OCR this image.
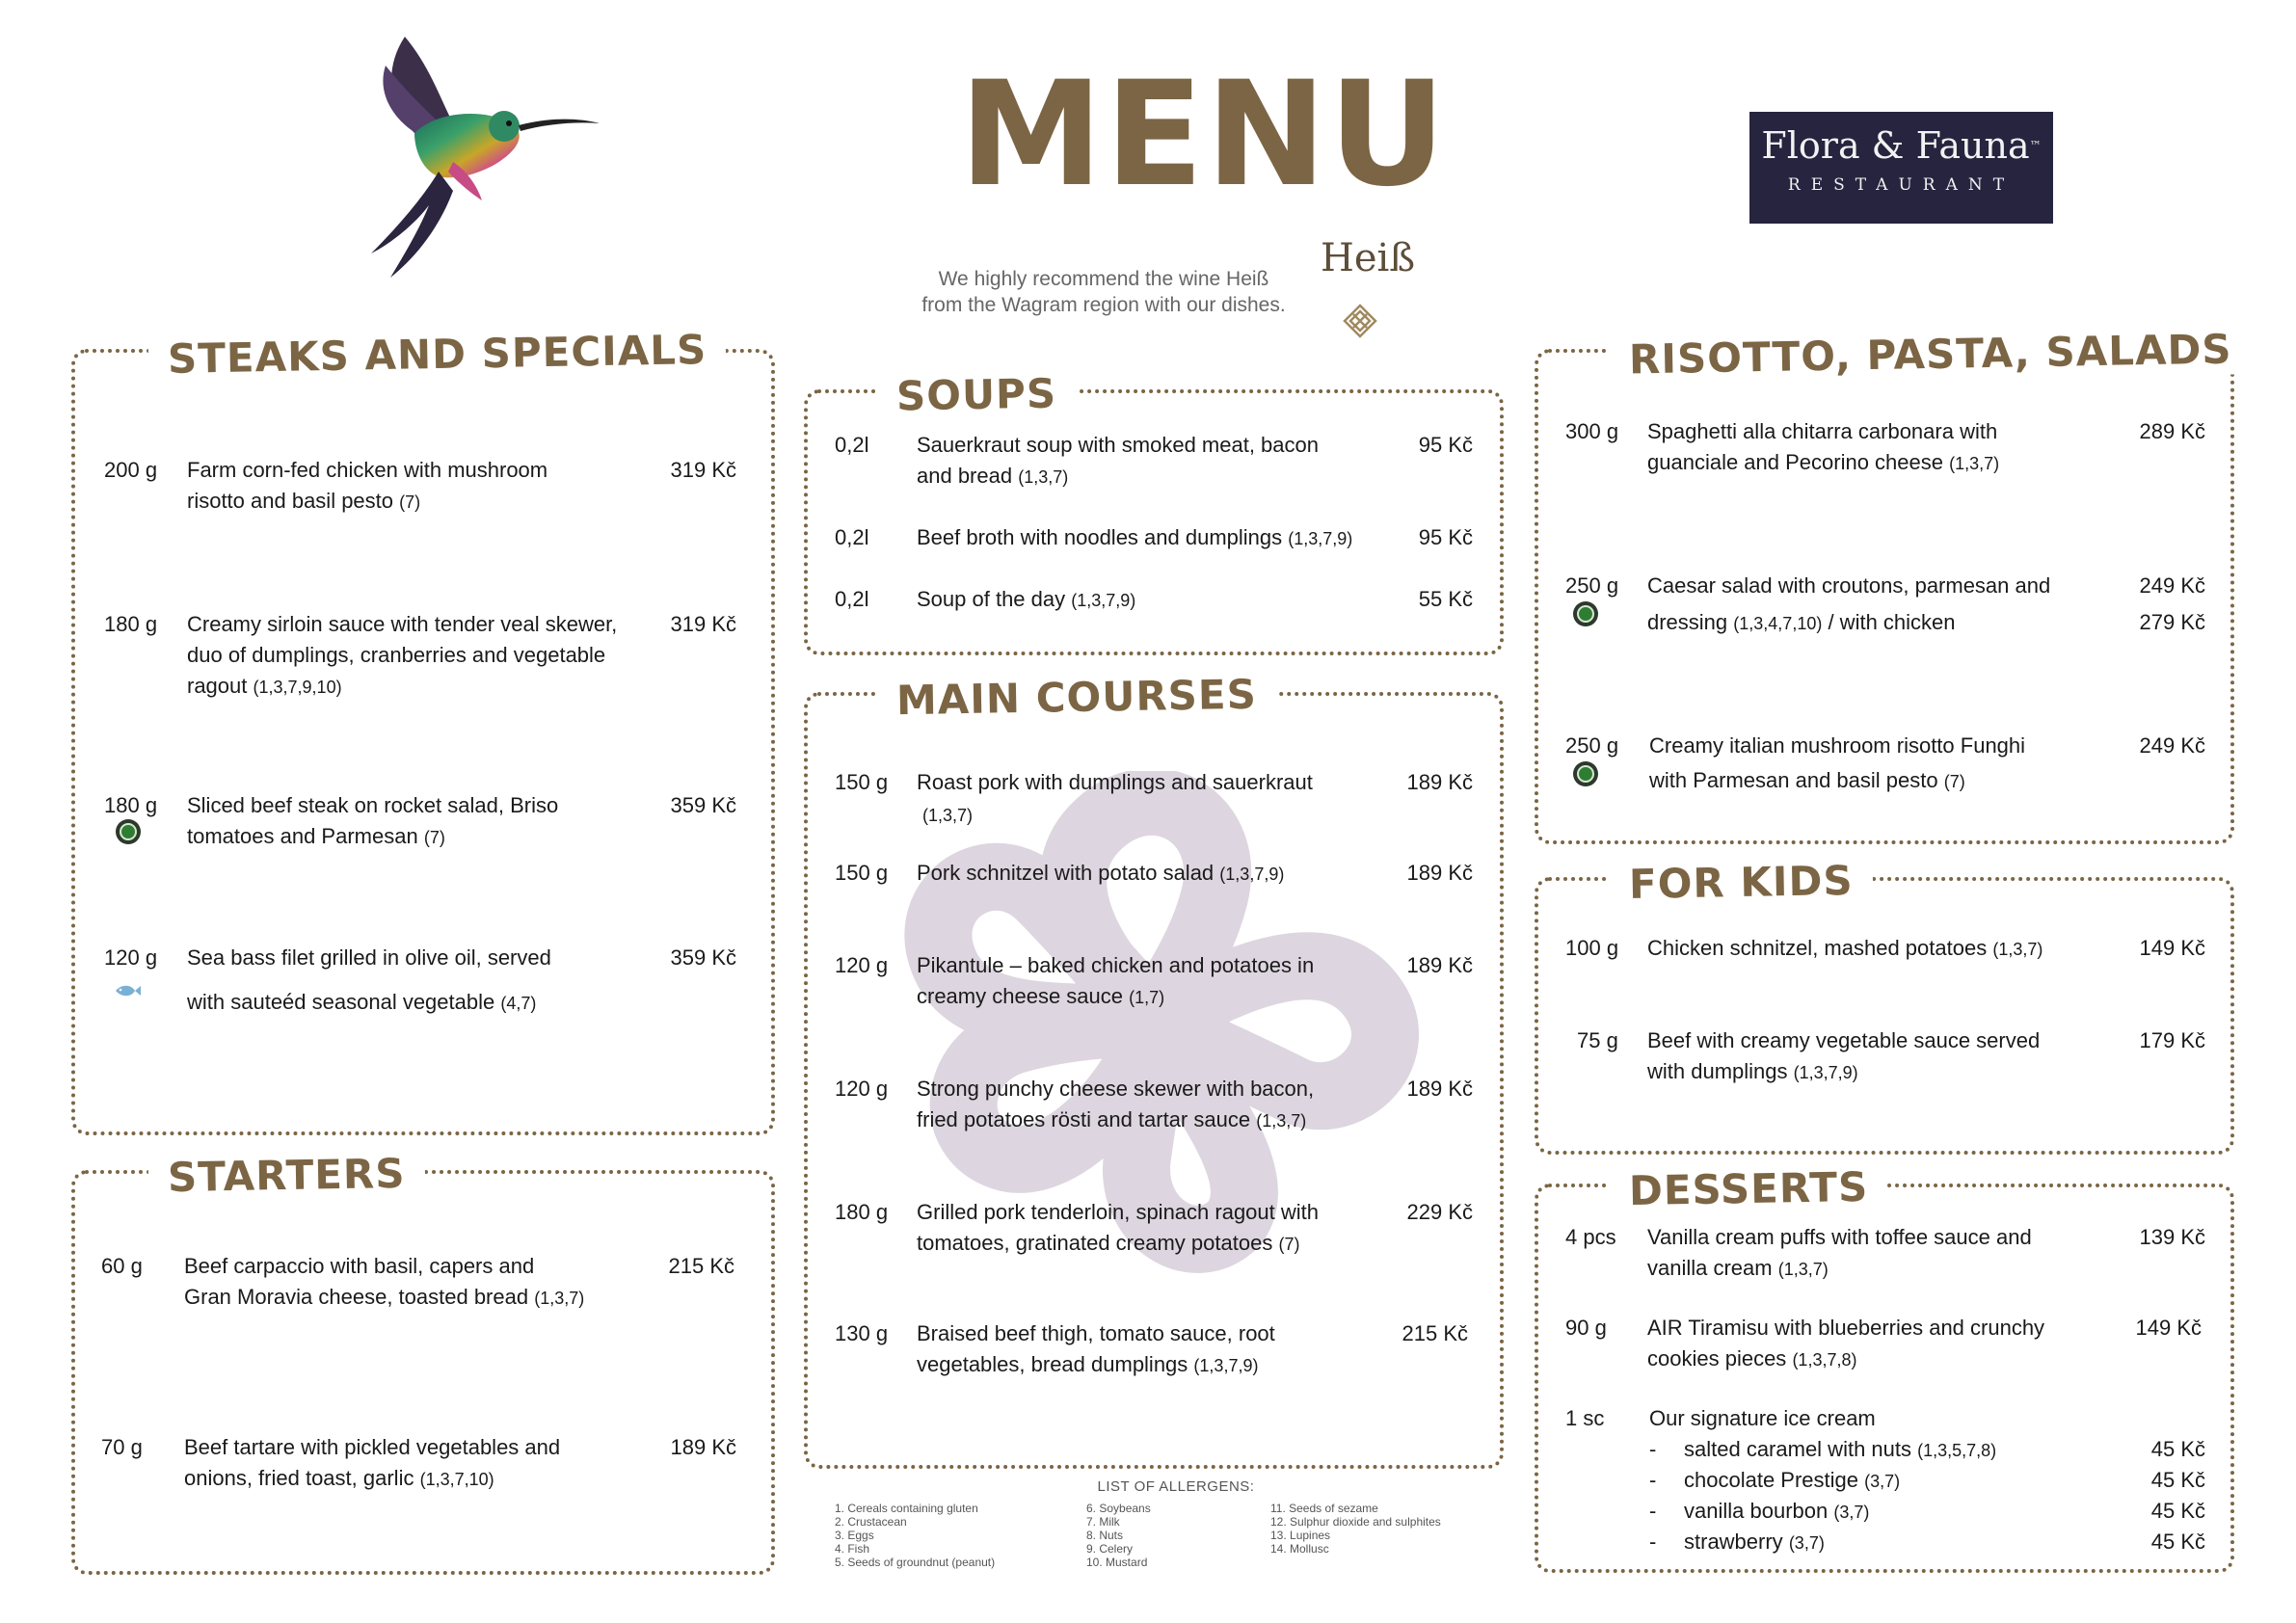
MENU
Heiß
We highly recommend the wine Heiß
from the Wagram region with our dishes.
Flora & Fauna™
RESTAURANT
STEAKS AND SPECIALS
200 g Farm corn-fed chicken with mushroom
risotto and basil pesto (7)
319 Kč
180 g Creamy sirloin sauce with tender veal skewer,
duo of dumplings, cranberries and vegetable
ragout (1,3,7,9,10)
319 Kč
180 g Sliced beef steak on rocket salad, Briso
tomatoes and Parmesan (7)
359 Kč
120 g Sea bass filet grilled in olive oil, served
with sauteéd seasonal vegetable (4,7)
359 Kč
STARTERS
60 g Beef carpaccio with basil, capers and
Gran Moravia cheese, toasted bread (1,3,7)
215 Kč
70 g Beef tartare with pickled vegetables and
onions, fried toast, garlic (1,3,7,10)
189 Kč
SOUPS
0,2l Sauerkraut soup with smoked meat, bacon
and bread (1,3,7)
95 Kč
0,2l Beef broth with noodles and dumplings (1,3,7,9)	95 Kč
0,2l Soup of the day (1,3,7,9)	55 Kč
MAIN COURSES
150 g Roast pork with dumplings and sauerkraut
(1,3,7)
189 Kč
150 g Pork schnitzel with potato salad (1,3,7,9)	189 Kč
120 g Pikantule – baked chicken and potatoes in
creamy cheese sauce (1,7)
189 Kč
120 g Strong punchy cheese skewer with bacon,
fried potatoes rösti and tartar sauce (1,3,7)
189 Kč
180 g Grilled pork tenderloin, spinach ragout with
tomatoes, gratinated creamy potatoes (7)
229 Kč
130 g Braised beef thigh, tomato sauce, root
vegetables, bread dumplings (1,3,7,9)
215 Kč
LIST OF ALLERGENS:
1. Cereals containing gluten
2. Crustacean
3. Eggs
4. Fish
5. Seeds of groundnut (peanut)
6. Soybeans
7. Milk
8. Nuts
9. Celery
10. Mustard
11. Seeds of sezame
12. Sulphur dioxide and sulphites
13. Lupines
14. Mollusc
RISOTTO, PASTA, SALADS
300 g Spaghetti alla chitarra carbonara with
guanciale and Pecorino cheese (1,3,7)
289 Kč
250 g Caesar salad with croutons, parmesan and
dressing (1,3,4,7,10) / with chicken
249 Kč
279 Kč
250 g Creamy italian mushroom risotto Funghi
with Parmesan and basil pesto (7)
249 Kč
FOR KIDS
100 g Chicken schnitzel, mashed potatoes (1,3,7)	149 Kč
75 g Beef with creamy vegetable sauce served
with dumplings (1,3,7,9)
179 Kč
DESSERTS
4 pcs Vanilla cream puffs with toffee sauce and
vanilla cream (1,3,7)
139 Kč
90 g AIR Tiramisu with blueberries and crunchy
cookies pieces (1,3,7,8)
149 Kč
1 sc Our signature ice cream
- salted caramel with nuts (1,3,5,7,8)	45 Kč
- chocolate Prestige (3,7)	45 Kč
- vanilla bourbon (3,7)	45 Kč
- strawberry (3,7)	45 Kč
